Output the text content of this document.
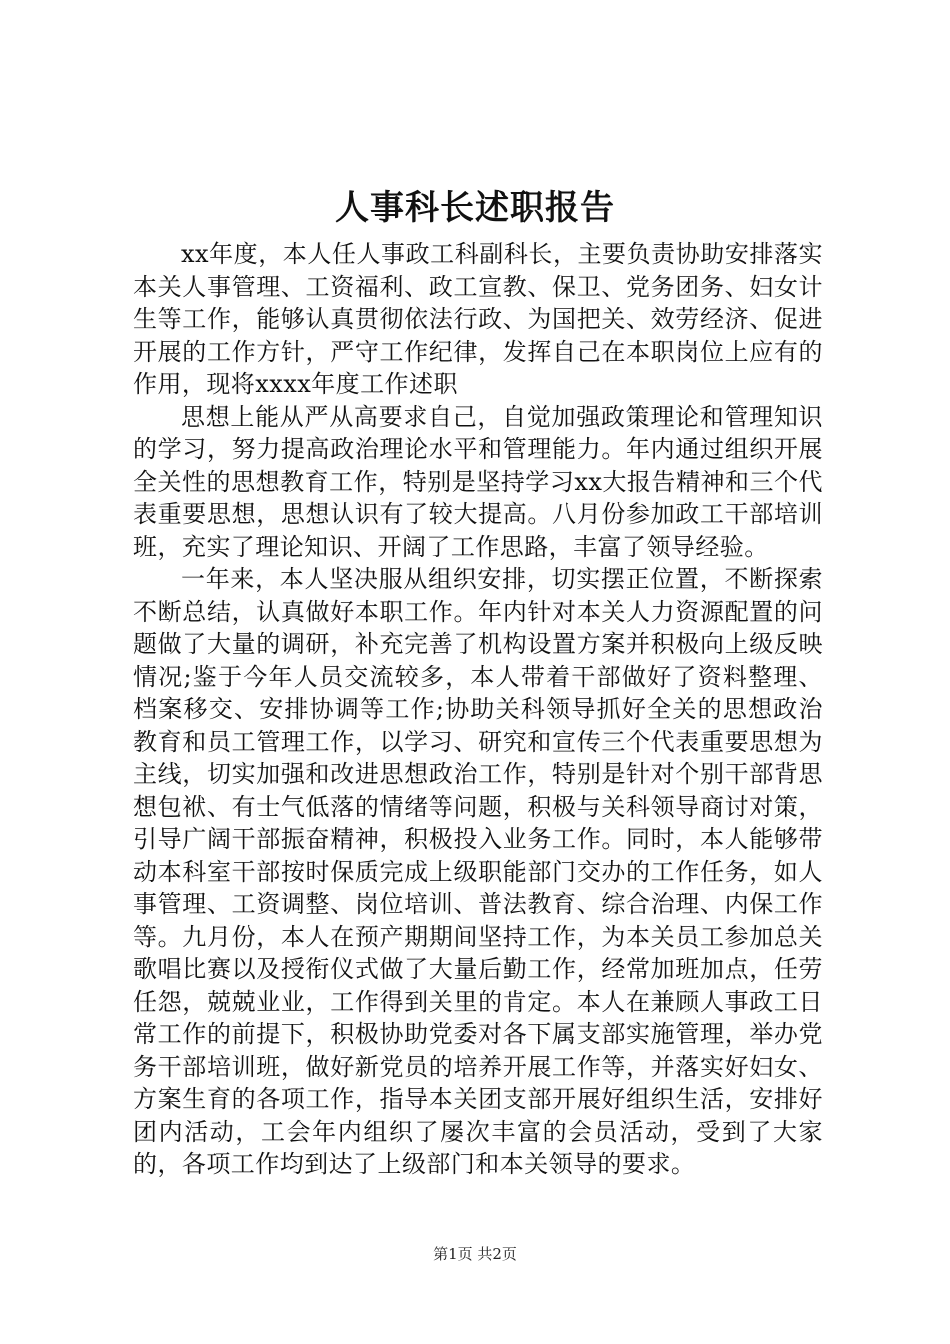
人事科长述职报告

xx年度，本人任人事政工科副科长，主要负责协助安排落实本关人事管理、工资福利、政工宣教、保卫、党务团务、妇女计生等工作，能够认真贯彻依法行政、为国把关、效劳经济、促进开展的工作方针，严守工作纪律，发挥自己在本职岗位上应有的作用，现将xxxx年度工作述职

思想上能从严从高要求自己，自觉加强政策理论和管理知识的学习，努力提高政治理论水平和管理能力。年内通过组织开展全关性的思想教育工作，特别是坚持学习xx大报告精神和三个代表重要思想，思想认识有了较大提高。八月份参加政工干部培训班，充实了理论知识、开阔了工作思路，丰富了领导经验。

一年来，本人坚决服从组织安排，切实摆正位置，不断探索不断总结，认真做好本职工作。年内针对本关人力资源配置的问题做了大量的调研，补充完善了机构设置方案并积极向上级反映情况;鉴于今年人员交流较多，本人带着干部做好了资料整理、档案移交、安排协调等工作;协助关科领导抓好全关的思想政治教育和员工管理工作，以学习、研究和宣传三个代表重要思想为主线，切实加强和改进思想政治工作，特别是针对个别干部背思想包袱、有士气低落的情绪等问题，积极与关科领导商讨对策，引导广阔干部振奋精神，积极投入业务工作。同时，本人能够带动本科室干部按时保质完成上级职能部门交办的工作任务，如人事管理、工资调整、岗位培训、普法教育、综合治理、内保工作等。九月份，本人在预产期期间坚持工作，为本关员工参加总关歌唱比赛以及授衔仪式做了大量后勤工作，经常加班加点，任劳任怨，兢兢业业，工作得到关里的肯定。本人在兼顾人事政工日常工作的前提下，积极协助党委对各下属支部实施管理，举办党务干部培训班，做好新党员的培养开展工作等，并落实好妇女、方案生育的各项工作，指导本关团支部开展好组织生活，安排好团内活动，工会年内组织了屡次丰富的会员活动，受到了大家的，各项工作均到达了上级部门和本关领导的要求。

第1页 共2页
